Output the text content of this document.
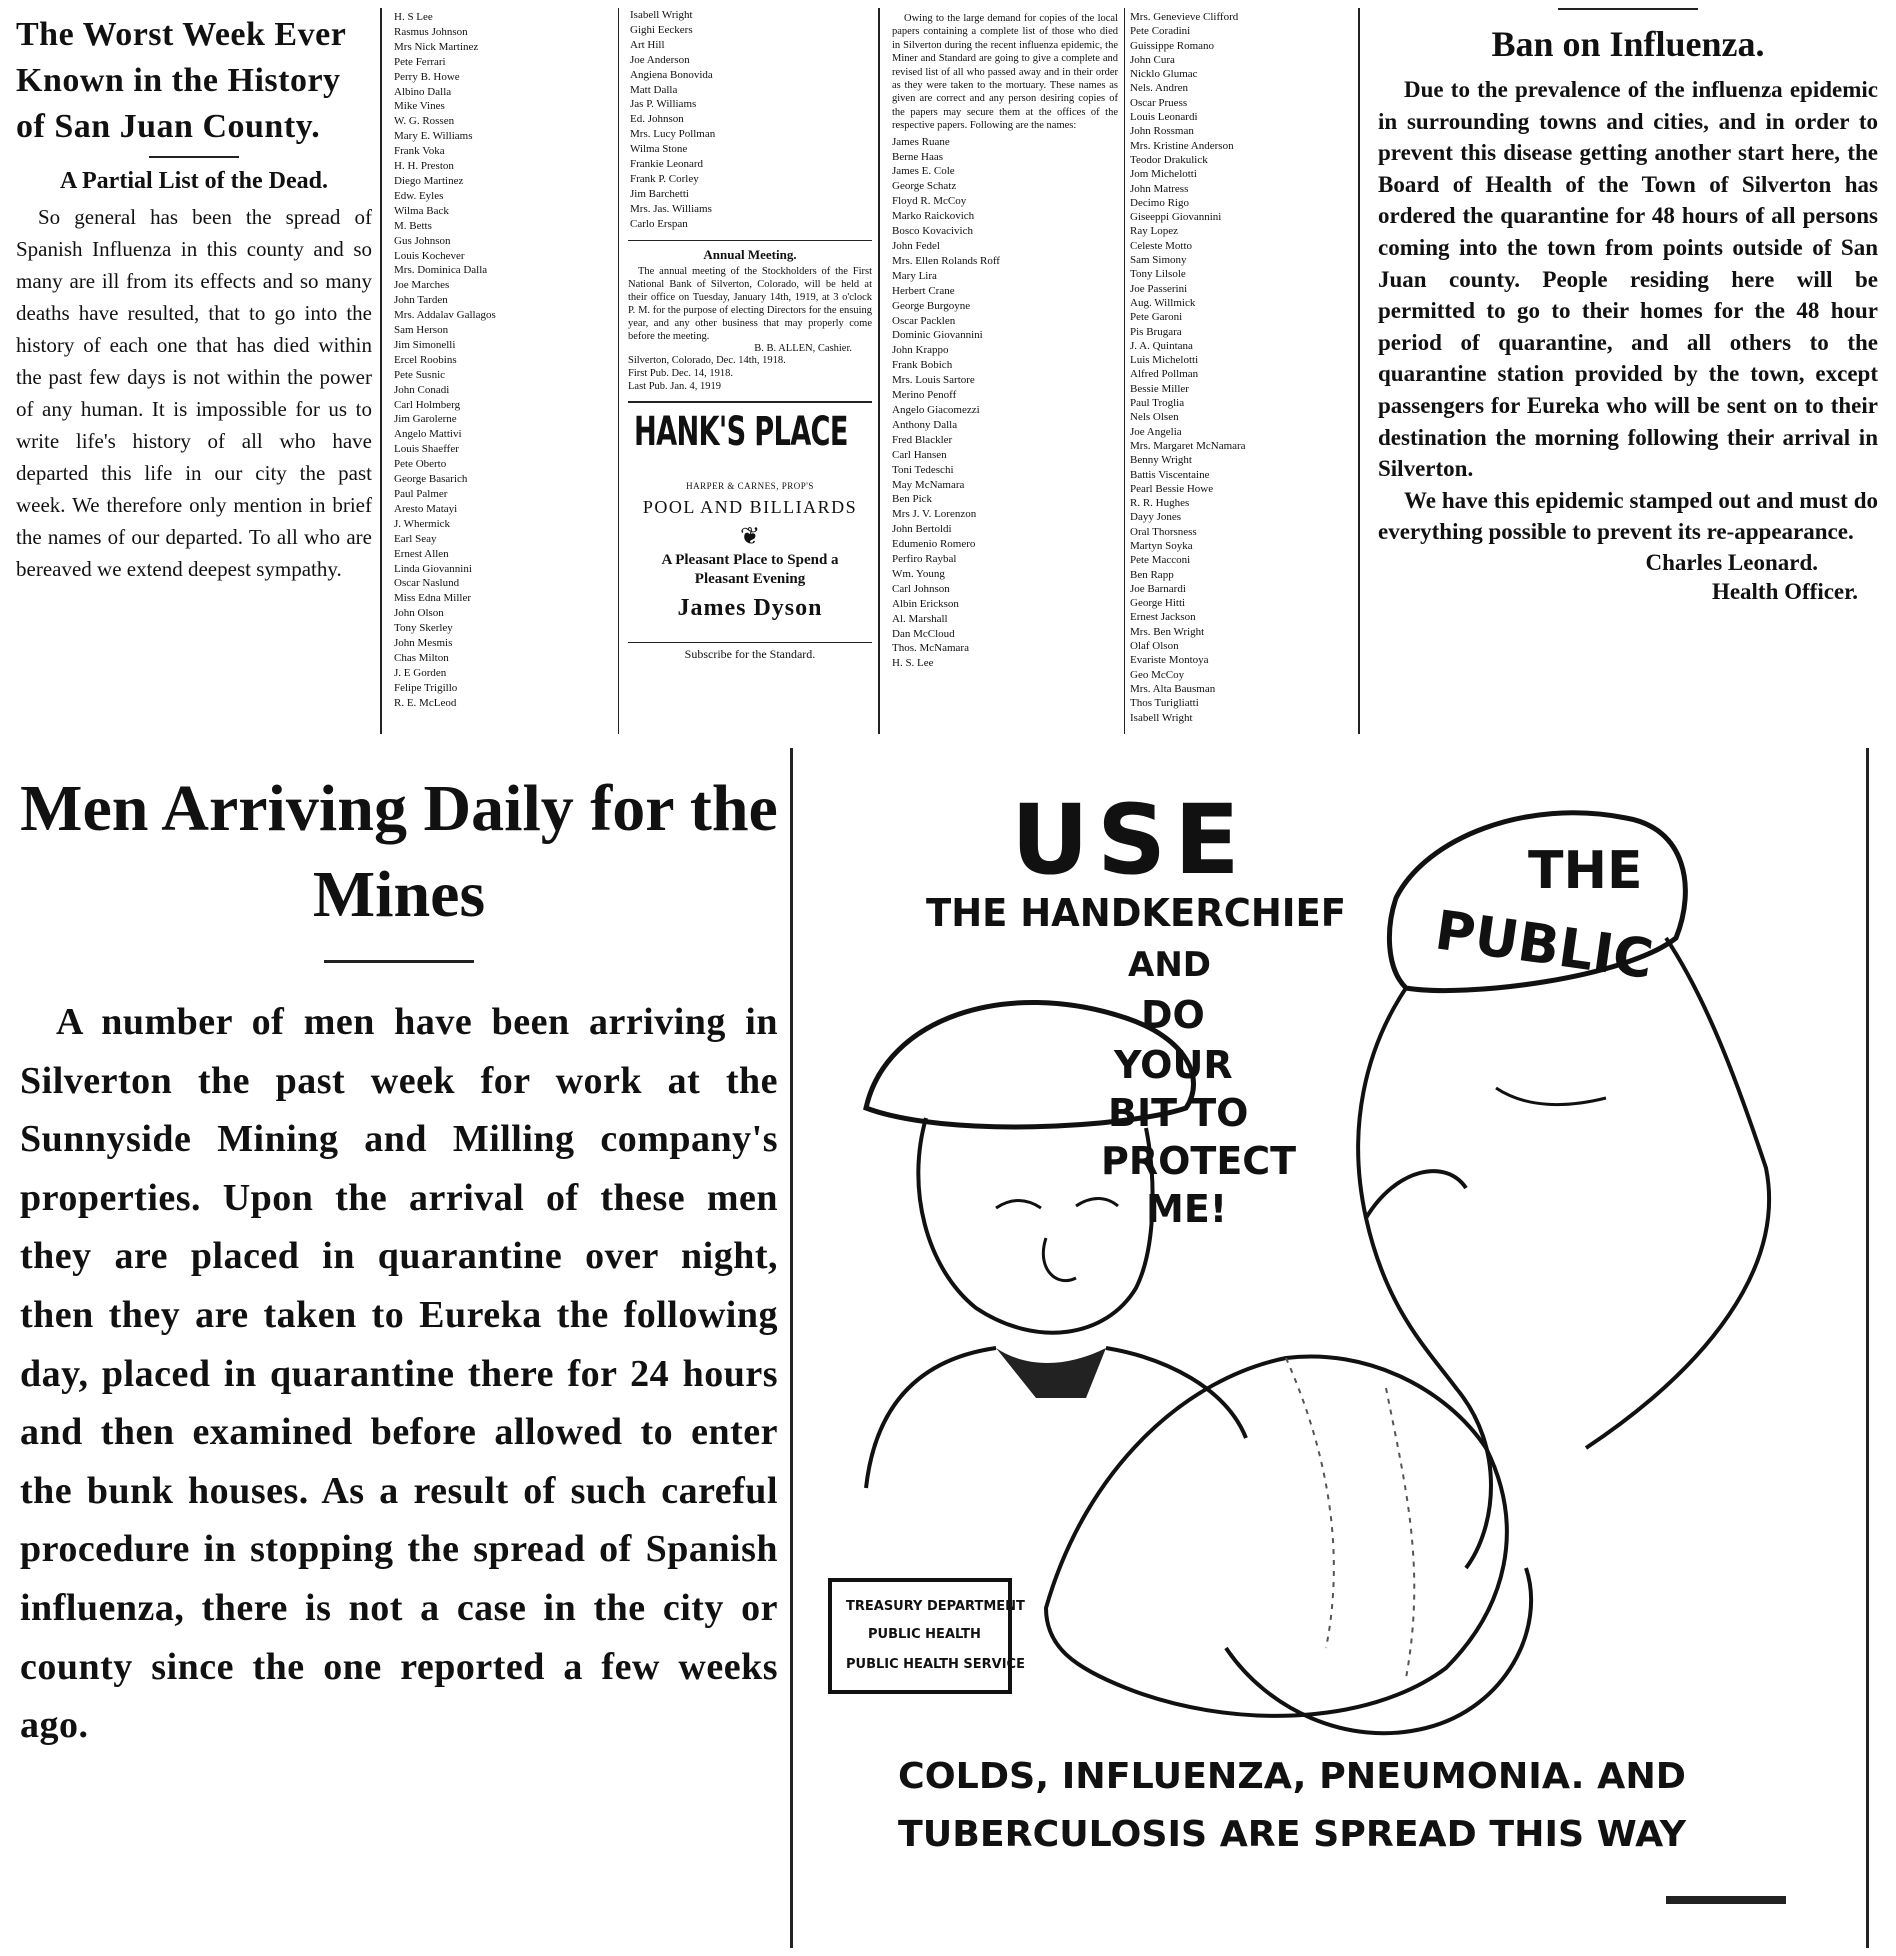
The Worst Week Ever Known in the History of San Juan County.
A Partial List of the Dead.

So general has been the spread of Spanish Influenza in this county and so many are ill from its effects and so many deaths have resulted, that to go into the history of each one that has died within the past few days is not within the power of any human. It is impossible for us to write life's history of all who have departed this life in our city the past week. We therefore only mention in brief the names of our departed. To all who are bereaved we extend deepest sympathy.

H. S Lee
Rasmus Johnson
Mrs Nick Martinez
Pete Ferrari
Perry B. Howe
Albino Dalla
Mike Vines
W. G. Rossen
Mary E. Williams
Frank Voka
H. H. Preston
Diego Martinez
Edw. Eyles
Wilma Back
M. Betts
Gus Johnson
Louis Kochever
Mrs. Dominica Dalla
Joe Marches
John Tarden
Mrs. Addalav Gallagos
Sam Herson
Jim Simonelli
Ercel Roobins
Pete Susnic
John Conadi
Carl Holmberg
Jim Garolerne
Angelo Mattivi
Louis Shaeffer
Pete Oberto
George Basarich
Paul Palmer
Aresto Matayi
J. Whermick
Earl Seay
Ernest Allen
Linda Giovannini
Oscar Naslund
Miss Edna Miller
John Olson
Tony Skerley
John Mesmis
Chas Milton
J. E Gorden
Felipe Trigillo
R. E. McLeod
Isabell Wright
Gighi Eeckers
Art Hill
Joe Anderson
Angiena Bonovida
Matt Dalla
Jas P. Williams
Ed. Johnson
Mrs. Lucy Pollman
Wilma Stone
Frankie Leonard
Frank P. Corley
Jim Barchetti
Mrs. Jas. Williams
Carlo Erspan
Annual Meeting.

The annual meeting of the Stockholders of the First National Bank of Silverton, Colorado, will be held at their office on Tuesday, January 14th, 1919, at 3 o'clock P. M. for the purpose of electing Directors for the ensuing year, and any other business that may properly come before the meeting.

B. B. ALLEN, Cashier.
Silverton, Colorado, Dec. 14th, 1918.
First Pub. Dec. 14, 1918.
Last Pub. Jan. 4, 1919
HANK'S PLACE
HARPER & CARNES, PROP'S
POOL AND BILLIARDS
❦
A Pleasant Place to Spend a Pleasant Evening
James Dyson
Subscribe for the Standard.

Owing to the large demand for copies of the local papers containing a complete list of those who died in Silverton during the recent influenza epidemic, the Miner and Standard are going to give a complete and revised list of all who passed away and in their order as they were taken to the mortuary. These names as given are correct and any person desiring copies of the papers may secure them at the offices of the respective papers. Following are the names:

James Ruane
Berne Haas
James E. Cole
George Schatz
Floyd R. McCoy
Marko Raickovich
Bosco Kovacivich
John Fedel
Mrs. Ellen Rolands Roff
Mary Lira
Herbert Crane
George Burgoyne
Oscar Packlen
Dominic Giovannini
John Krappo
Frank Bobich
Mrs. Louis Sartore
Merino Penoff
Angelo Giacomezzi
Anthony Dalla
Fred Blackler
Carl Hansen
Toni Tedeschi
May McNamara
Ben Pick
Mrs J. V. Lorenzon
John Bertoldi
Edumenio Romero
Perfiro Raybal
Wm. Young
Carl Johnson
Albin Erickson
Al. Marshall
Dan McCloud
Thos. McNamara
H. S. Lee
Mrs. Genevieve Clifford
Pete Coradini
Guissippe Romano
John Cura
Nicklo Glumac
Nels. Andren
Oscar Pruess
Louis Leonardi
John Rossman
Mrs. Kristine Anderson
Teodor Drakulick
Jom Michelotti
John Matress
Decimo Rigo
Giseeppi Giovannini
Ray Lopez
Celeste Motto
Sam Simony
Tony Lilsole
Joe Passerini
Aug. Willmick
Pete Garoni
Pis Brugara
J. A. Quintana
Luis Michelotti
Alfred Pollman
Bessie Miller
Paul Troglia
Nels Olsen
Joe Angelia
Mrs. Margaret McNamara
Benny Wright
Battis Viscentaine
Pearl Bessie Howe
R. R. Hughes
Dayy Jones
Oral Thorsness
Martyn Soyka
Pete Macconi
Ben Rapp
Joe Barnardi
George Hitti
Ernest Jackson
Mrs. Ben Wright
Olaf Olson
Evariste Montoya
Geo McCoy
Mrs. Alta Bausman
Thos Turigliatti
Isabell Wright
Ban on Influenza.

Due to the prevalence of the influenza epidemic in surrounding towns and cities, and in order to prevent this disease getting another start here, the Board of Health of the Town of Silverton has ordered the quarantine for 48 hours of all persons coming into the town from points outside of San Juan county. People residing here will be permitted to go to their homes for the 48 hour period of quarantine, and all others to the quarantine station provided by the town, except passengers for Eureka who will be sent on to their destination the morning following their arrival in Silverton.

We have this epidemic stamped out and must do everything possible to prevent its re-appearance.

Charles Leonard.
Health Officer.
Men Arriving Daily for the Mines

A number of men have been arriving in Silverton the past week for work at the Sunnyside Mining and Milling company's properties. Upon the arrival of these men they are placed in quarantine over night, then they are taken to Eureka the following day, placed in quarantine there for 24 hours and then examined before allowed to enter the bunk houses. As a result of such careful procedure in stopping the spread of Spanish influenza, there is not a case in the city or county since the one reported a few weeks ago.

USE
THE HANDKERCHIEF
AND
DO
YOUR
BIT TO
PROTECT
ME!
THE
PUBLIC
TREASURY DEPARTMENT
PUBLIC HEALTH
PUBLIC HEALTH SERVICE
COLDS, INFLUENZA, PNEUMONIA. AND
TUBERCULOSIS ARE SPREAD THIS WAY
